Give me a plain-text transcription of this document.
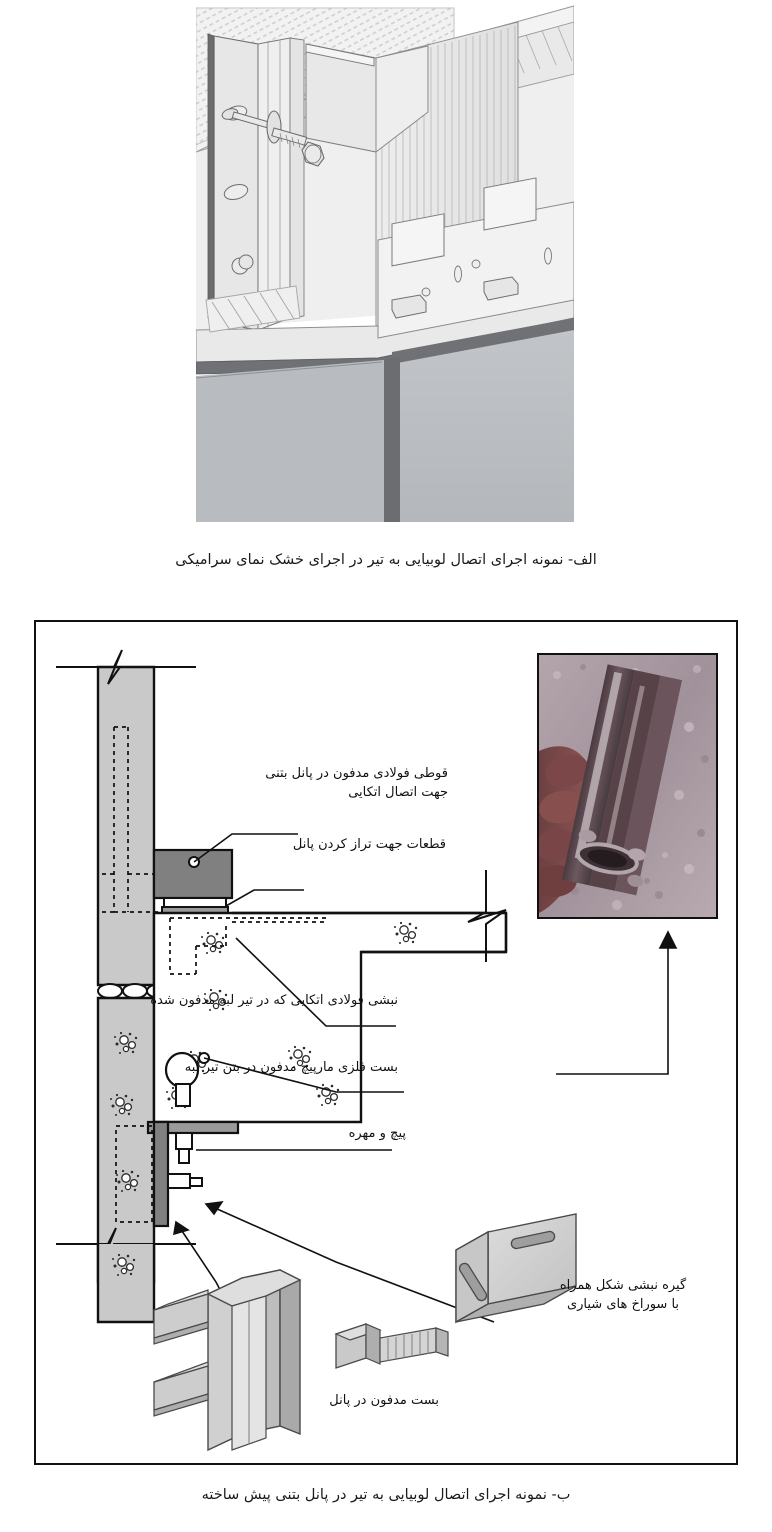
الف- نمونه اجرای اتصال لوبیایی به تیر در اجرای خشک نمای سرامیکی
قوطی فولادی مدفون در پانل بتنی
جهت اتصال اتکایی
قطعات جهت تراز کردن پانل
نبشی فولادی اتکایی که در تیر لبه مدفون شده
بست فلزی مارپیچ مدفون در بتن تیر لبه
پیچ و مهره
گیره نبشی شکل همراه
با سوراخ های شیاری
بست مدفون در پانل
ب- نمونه اجرای اتصال لوبیایی به تیر در پانل بتنی پیش ساخته
